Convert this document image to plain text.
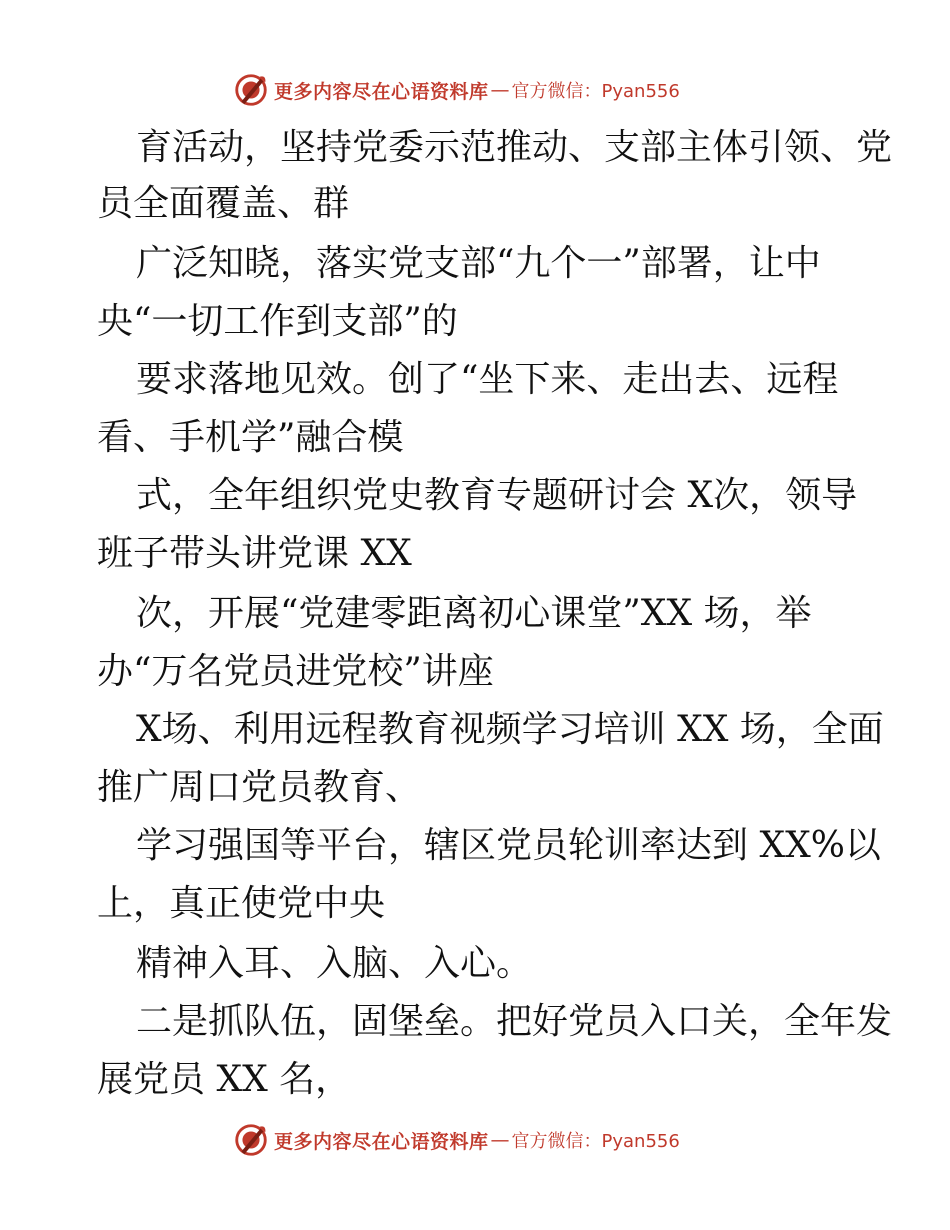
更多内容尽在心语资料库 — 官方微信：Pyan556
育活动，坚持党委示范推动、支部主体引领、党
员全面覆盖、群
广泛知晓，落实党支部“九个一”部署，让中
央“一切工作到支部”的
要求落地见效。创了“坐下来、走出去、远程
看、手机学”融合模
式，全年组织党史教育专题研讨会 X次，领导
班子带头讲党课 XX
次，开展“党建零距离初心课堂”XX 场，举
办“万名党员进党校”讲座
X场、利用远程教育视频学习培训 XX 场，全面
推广周口党员教育、
学习强国等平台，辖区党员轮训率达到 XX%以
上，真正使党中央
精神入耳、入脑、入心。
二是抓队伍，固堡垒。把好党员入口关，全年发
展党员 XX 名，
更多内容尽在心语资料库 — 官方微信：Pyan556
